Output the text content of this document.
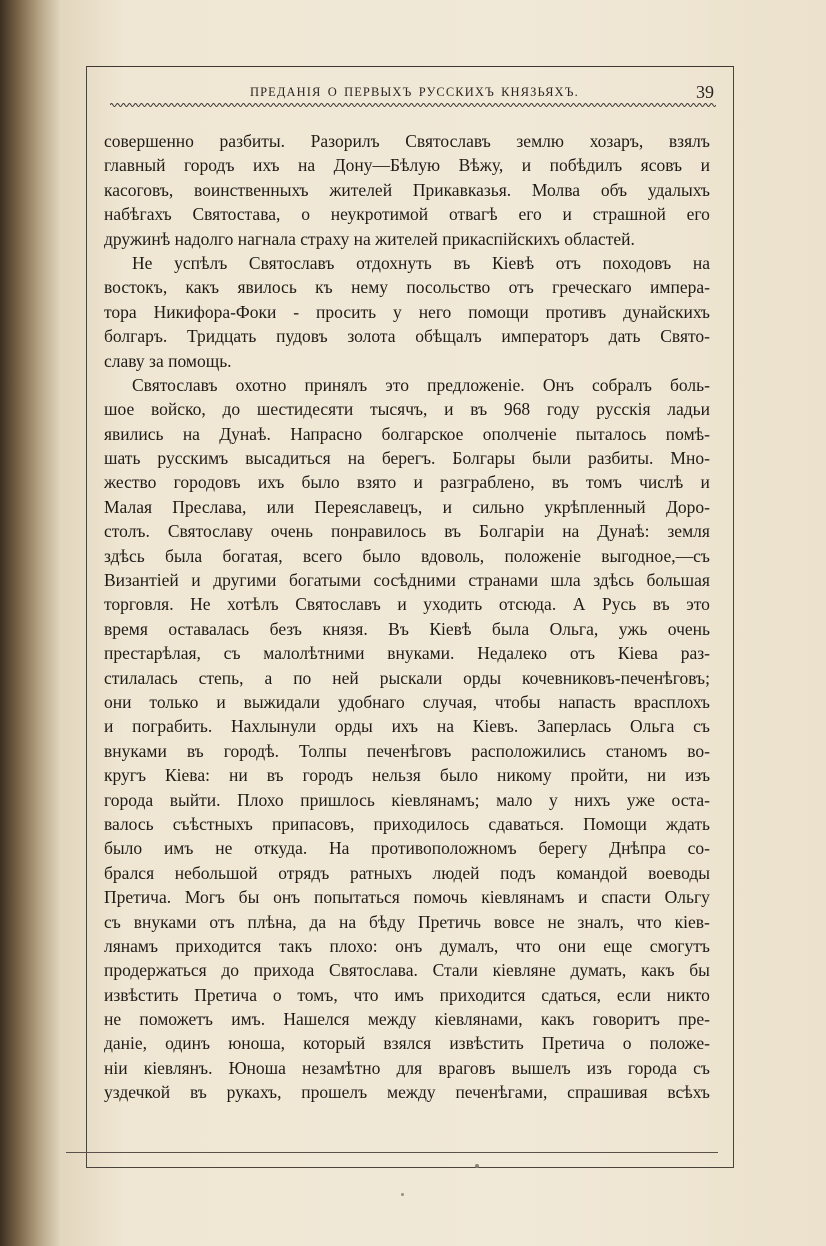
ПРЕДАНІЯ О ПЕРВЫХЪ РУССКИХЪ КНЯЗЬЯХЪ.	39
совершенно разбиты. Разорилъ Святославъ землю хозаръ, взялъ
главный городъ ихъ на Дону—Бѣлую Вѣжу, и побѣдилъ ясовъ и
касоговъ, воинственныхъ жителей Прикавказья. Молва объ удалыхъ
набѣгахъ Святостава, о неукротимой отвагѣ его и страшной его
дружинѣ надолго нагнала страху на жителей прикаспійскихъ областей.
Не успѣлъ Святославъ отдохнуть въ Кіевѣ отъ походовъ на
востокъ, какъ явилось къ нему посольство отъ греческаго импера-
тора Никифора-Фоки - просить у него помощи противъ дунайскихъ
болгаръ. Тридцать пудовъ золота обѣщалъ императоръ дать Свято-
славу за помощь.
Святославъ охотно принялъ это предложеніе. Онъ собралъ боль-
шое войско, до шестидесяти тысячъ, и въ 968 году русскія ладьи
явились на Дунаѣ. Напрасно болгарское ополченіе пыталось помѣ-
шать русскимъ высадиться на берегъ. Болгары были разбиты. Мно-
жество городовъ ихъ было взято и разграблено, въ томъ числѣ и
Малая Преслава, или Переяславецъ, и сильно укрѣпленный Доро-
столъ. Святославу очень понравилось въ Болгаріи на Дунаѣ: земля
здѣсь была богатая, всего было вдоволь, положеніе выгодное,—съ
Византіей и другими богатыми сосѣдними странами шла здѣсь большая
торговля. Не хотѣлъ Святославъ и уходить отсюда. А Русь въ это
время оставалась безъ князя. Въ Кіевѣ была Ольга, ужь очень
престарѣлая, съ малолѣтними внуками. Недалеко отъ Кіева раз-
стилалась степь, а по ней рыскали орды кочевниковъ-печенѣговъ;
они только и выжидали удобнаго случая, чтобы напасть врасплохъ
и пограбить. Нахлынули орды ихъ на Кіевъ. Заперлась Ольга съ
внуками въ городѣ. Толпы печенѣговъ расположились станомъ во-
кругъ Кіева: ни въ городъ нельзя было никому пройти, ни изъ
города выйти. Плохо пришлось кіевлянамъ; мало у нихъ уже оста-
валось съѣстныхъ припасовъ, приходилось сдаваться. Помощи ждать
было имъ не откуда. На противоположномъ берегу Днѣпра со-
брался небольшой отрядъ ратныхъ людей подъ командой воеводы
Претича. Могъ бы онъ попытаться помочь кіевлянамъ и спасти Ольгу
съ внуками отъ плѣна, да на бѣду Претичь вовсе не зналъ, что кіев-
лянамъ приходится такъ плохо: онъ думалъ, что они еще смогутъ
продержаться до прихода Святослава. Стали кіевляне думать, какъ бы
извѣстить Претича о томъ, что имъ приходится сдаться, если никто
не поможетъ имъ. Нашелся между кіевлянами, какъ говоритъ пре-
даніе, одинъ юноша, который взялся извѣстить Претича о положе-
ніи кіевлянъ. Юноша незамѣтно для враговъ вышелъ изъ города съ
уздечкой въ рукахъ, прошелъ между печенѣгами, спрашивая всѣхъ
